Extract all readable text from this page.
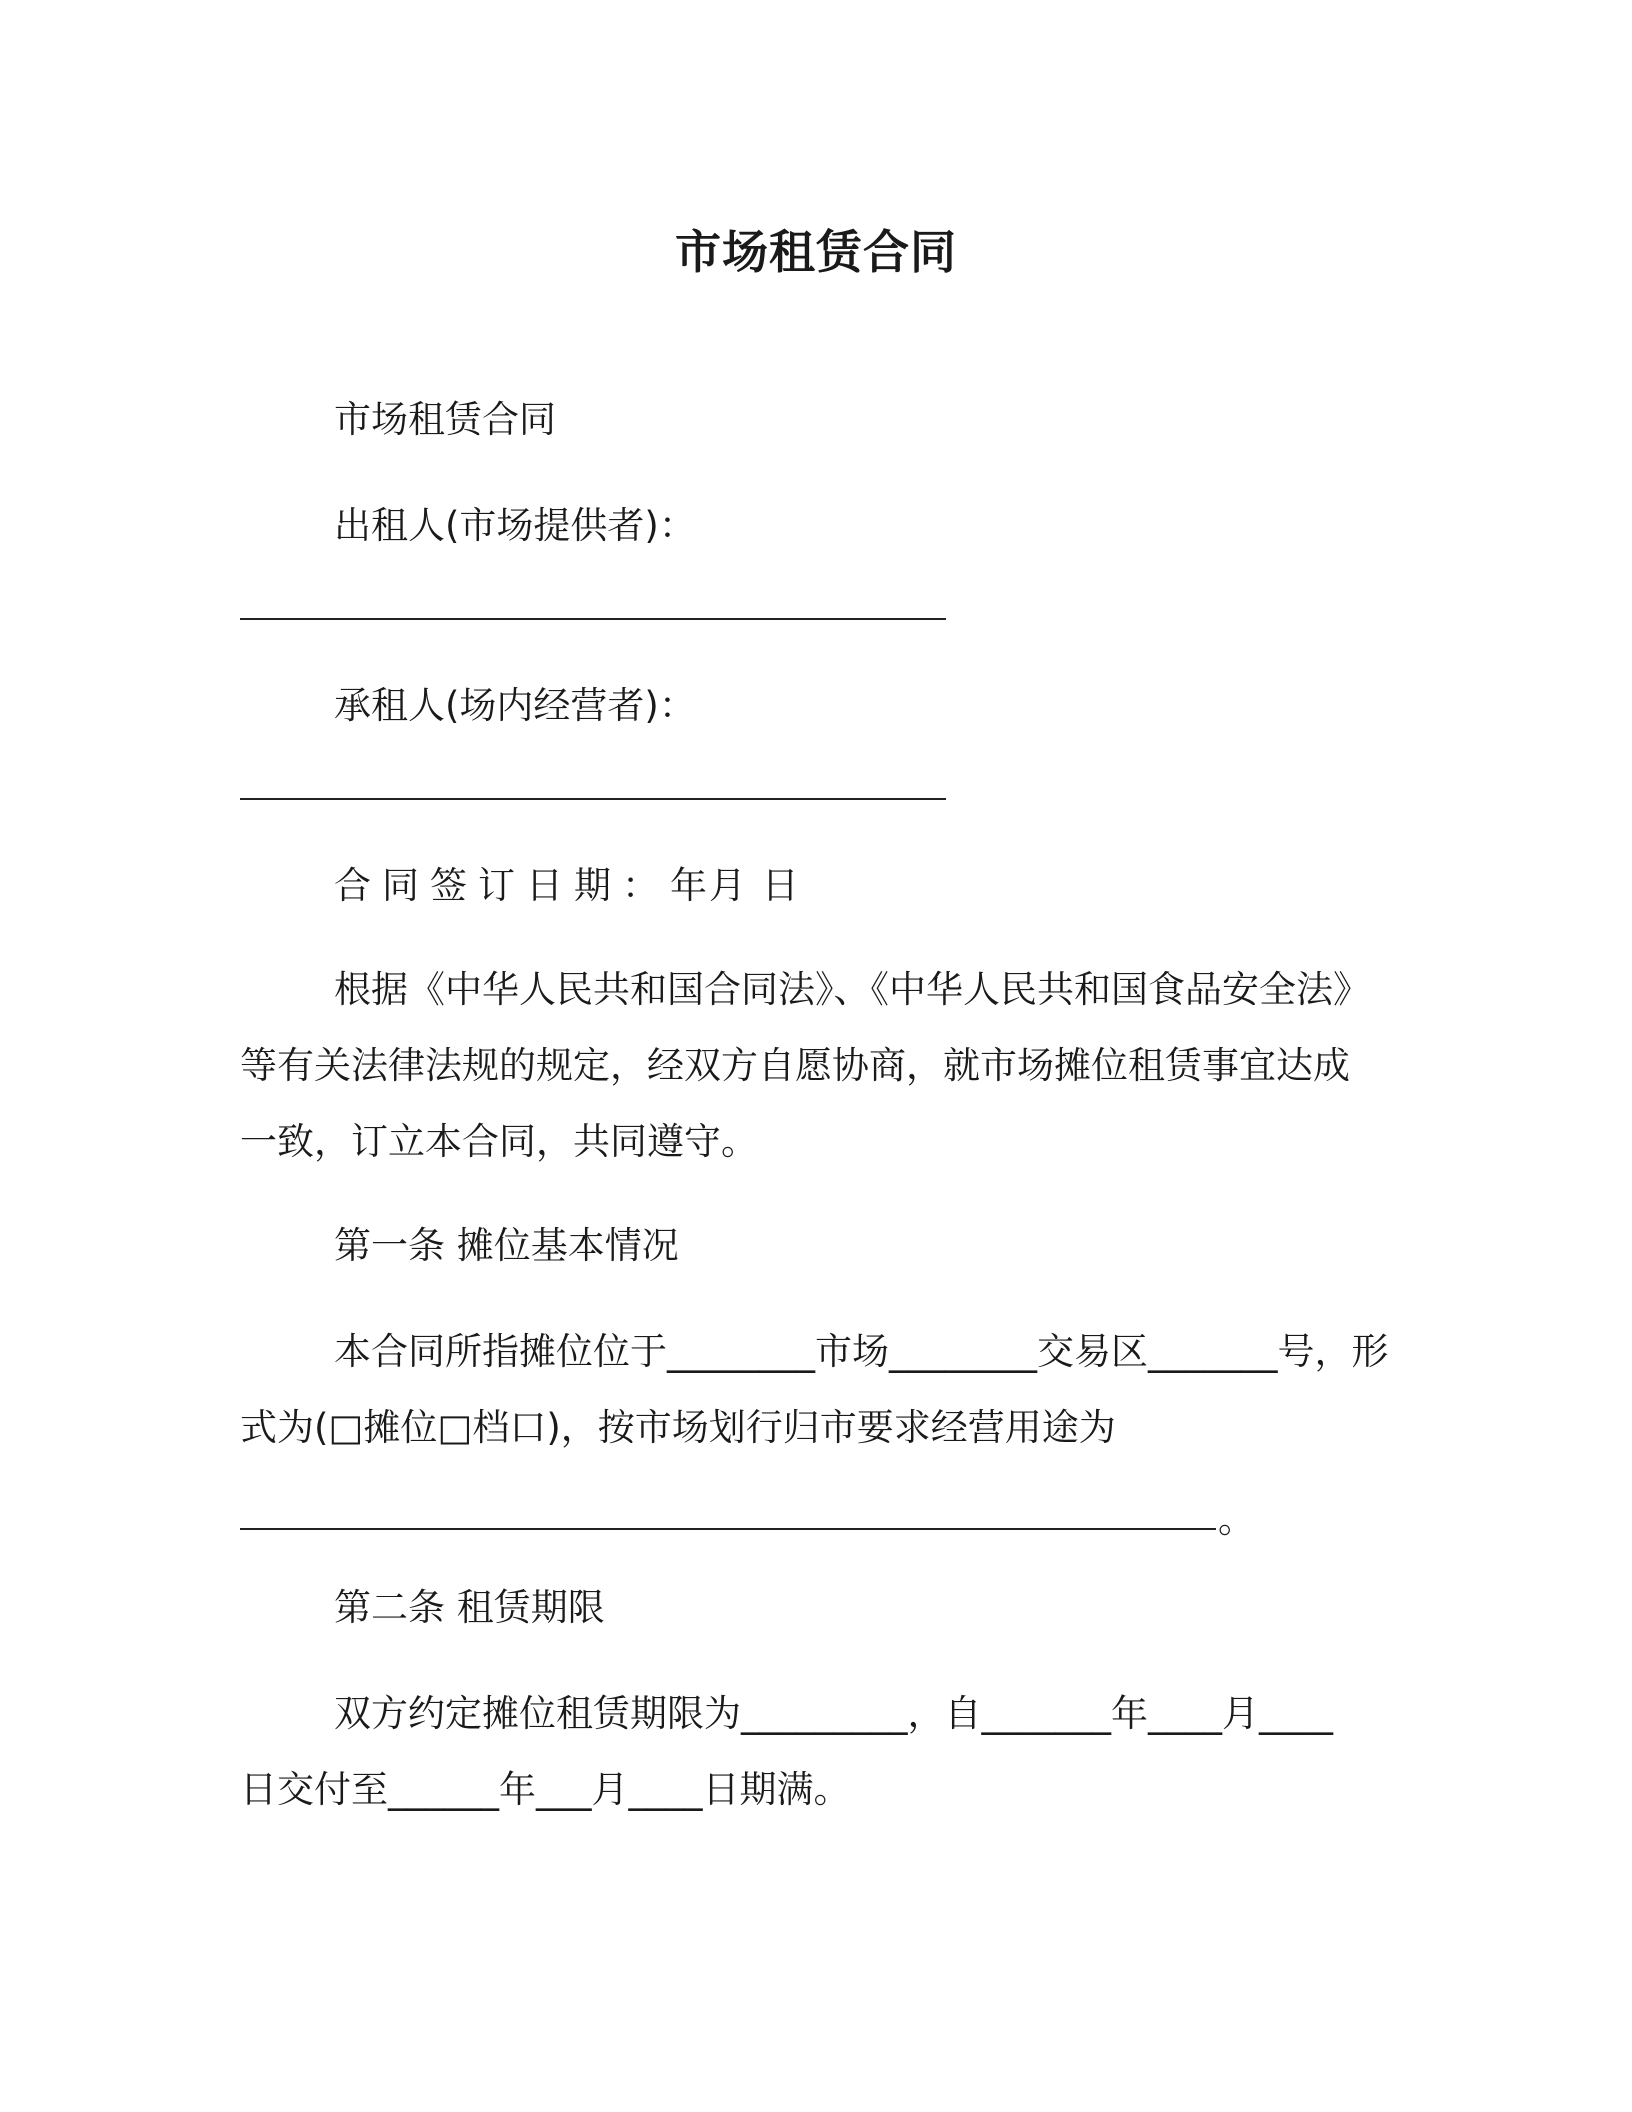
市场租赁合同
市场租赁合同
出租人(市场提供者)：
承租人(场内经营者)：
合同签订日期：年月 日
根据《中华人民共和国合同法》、《中华人民共和国食品安全法》
等有关法律法规的规定，经双方自愿协商，就市场摊位租赁事宜达成
一致，订立本合同，共同遵守。
第一条 摊位基本情况
本合同所指摊位位于________市场________交易区_______号，形
式为(□摊位□档口)，按市场划行归市要求经营用途为
。
第二条 租赁期限
双方约定摊位租赁期限为_________，自_______年____月____
日交付至______年___月____日期满。
